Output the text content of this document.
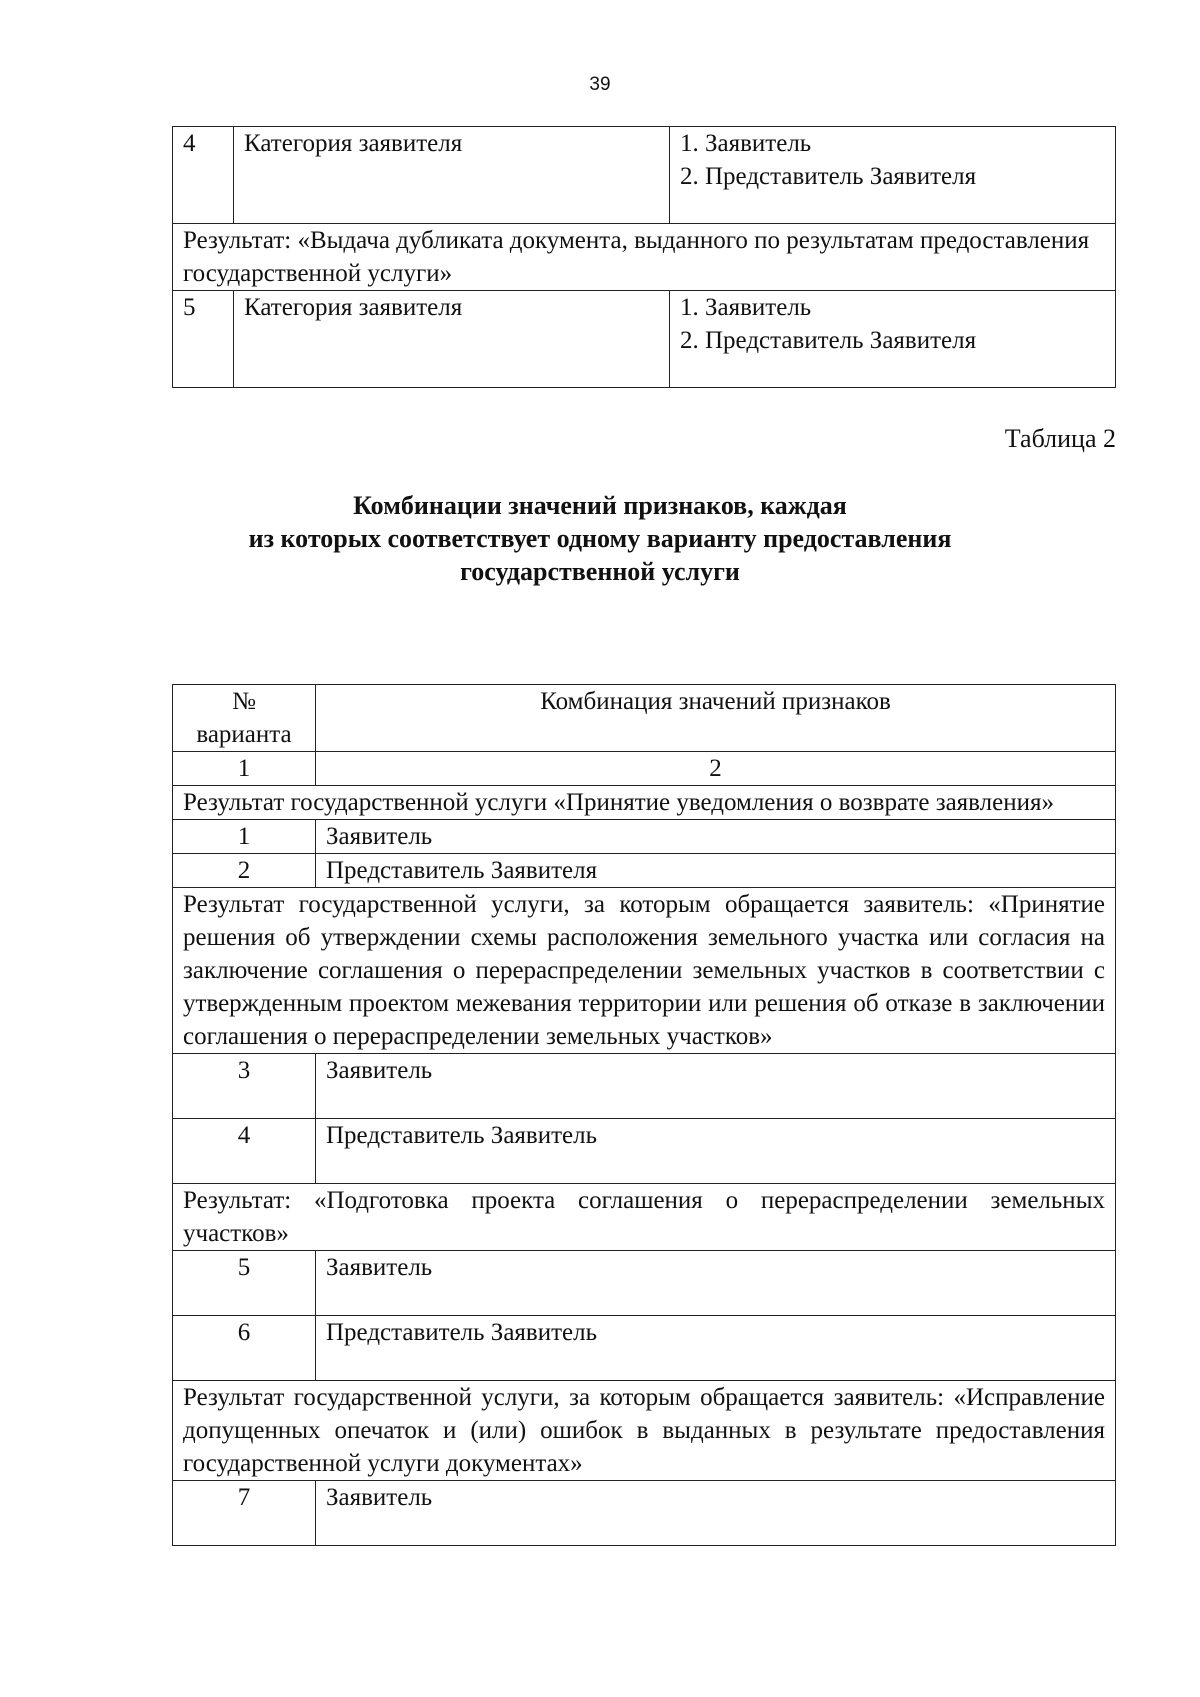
39
4	Категория заявителя	1. Заявитель
2. Представитель Заявителя

Результат: «Выдача дубликата документа, выданного по результатам предоставления государственной услуги»		
5	Категория заявителя	1. Заявитель
2. Представитель Заявителя
Таблица 2
Комбинации значений признаков, каждая
из которых соответствует одному варианту предоставления
государственной услуги
№ варианта	Комбинация значений признаков
1	2
Результат государственной услуги «Принятие уведомления о возврате заявления»	
1	Заявитель
2	Представитель Заявителя
Результат государственной услуги, за которым обращается заявитель: «Принятие решения об утверждении схемы расположения земельного участка или согласия на заключение соглашения о перераспределении земельных участков в соответствии с утвержденным проектом межевания территории или решения об отказе в заключении соглашения о перераспределении земельных участков»	
3	Заявитель
4	Представитель Заявитель
Результат: «Подготовка проекта соглашения о перераспределении земельных участков»	
5	Заявитель
6	Представитель Заявитель
Результат государственной услуги, за которым обращается заявитель: «Исправление допущенных опечаток и (или) ошибок в выданных в результате предоставления государственной услуги документах»	
7	Заявитель
